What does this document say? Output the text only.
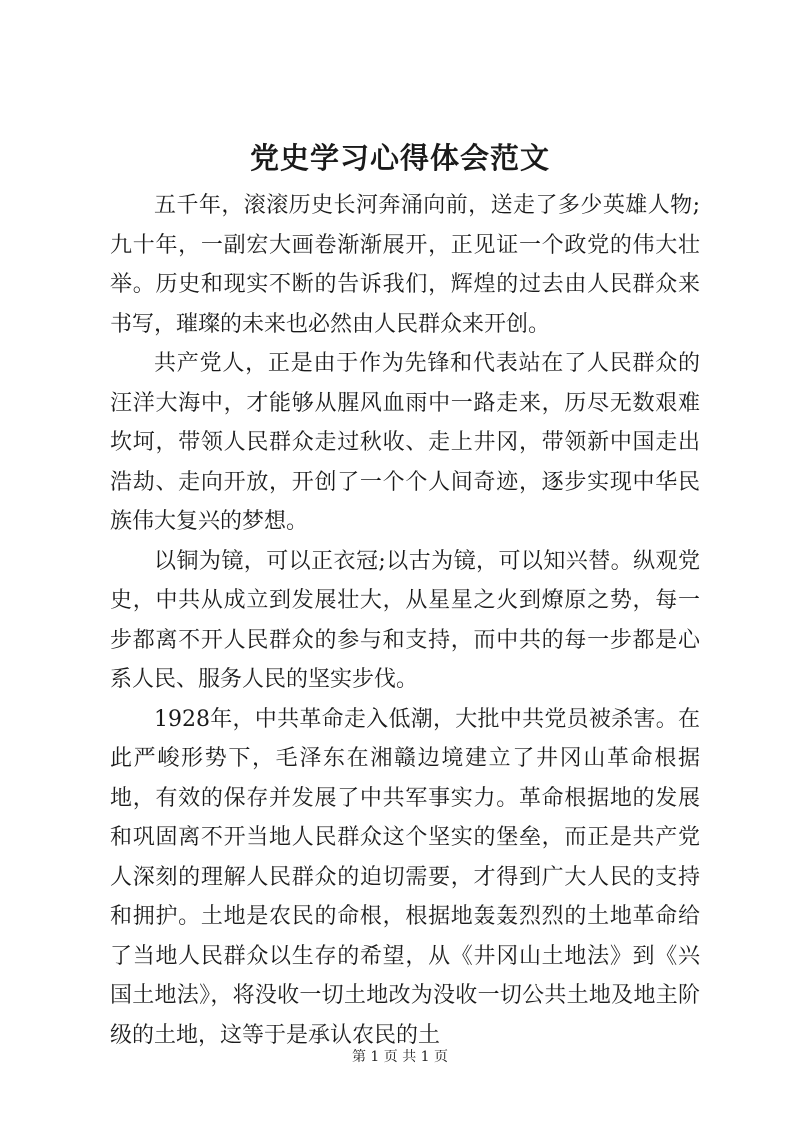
党史学习心得体会范文

五千年，滚滚历史长河奔涌向前，送走了多少英雄人物;九十年，一副宏大画卷渐渐展开，正见证一个政党的伟大壮举。历史和现实不断的告诉我们，辉煌的过去由人民群众来书写，璀璨的未来也必然由人民群众来开创。

共产党人，正是由于作为先锋和代表站在了人民群众的汪洋大海中，才能够从腥风血雨中一路走来，历尽无数艰难坎坷，带领人民群众走过秋收、走上井冈，带领新中国走出浩劫、走向开放，开创了一个个人间奇迹，逐步实现中华民族伟大复兴的梦想。

以铜为镜，可以正衣冠;以古为镜，可以知兴替。纵观党史，中共从成立到发展壮大，从星星之火到燎原之势，每一步都离不开人民群众的参与和支持，而中共的每一步都是心系人民、服务人民的坚实步伐。

1928年，中共革命走入低潮，大批中共党员被杀害。在此严峻形势下，毛泽东在湘赣边境建立了井冈山革命根据地，有效的保存并发展了中共军事实力。革命根据地的发展和巩固离不开当地人民群众这个坚实的堡垒，而正是共产党人深刻的理解人民群众的迫切需要，才得到广大人民的支持和拥护。土地是农民的命根，根据地轰轰烈烈的土地革命给了当地人民群众以生存的希望，从《井冈山土地法》到《兴国土地法》，将没收一切土地改为没收一切公共土地及地主阶级的土地，这等于是承认农民的土

第 1 页 共 1 页
